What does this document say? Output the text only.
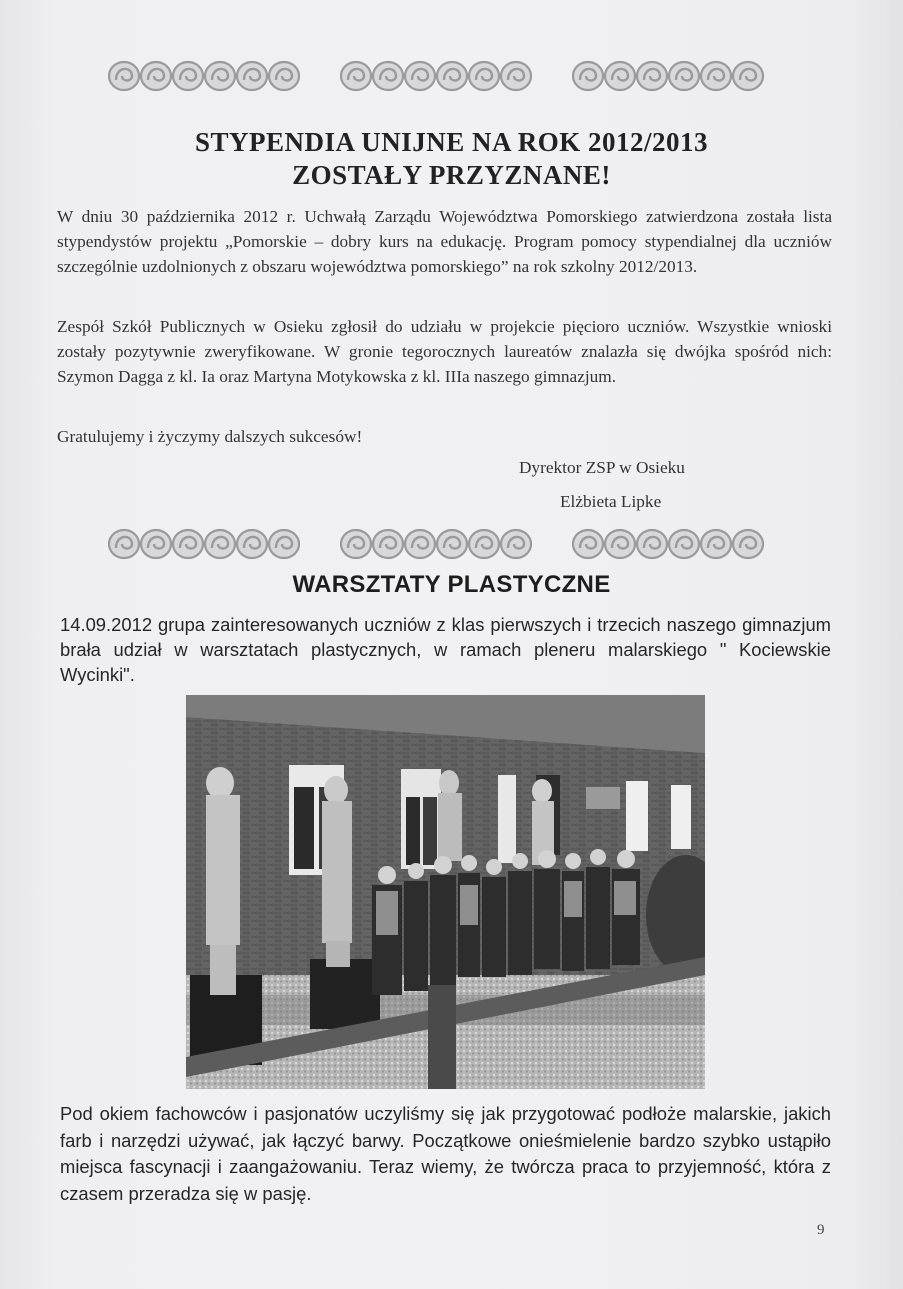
STYPENDIA UNIJNE NA ROK 2012/2013
ZOSTAŁY PRZYZNANE!
W dniu 30 października 2012 r. Uchwałą Zarządu Województwa Pomorskiego zatwierdzona została lista stypendystów projektu „Pomorskie – dobry kurs na edukację. Program pomocy stypendialnej dla uczniów szczególnie uzdolnionych z obszaru województwa pomorskiego” na rok szkolny 2012/2013.
Zespół Szkół Publicznych w Osieku zgłosił do udziału w projekcie pięcioro uczniów. Wszystkie wnioski zostały pozytywnie zweryfikowane. W gronie tegorocznych laureatów znalazła się dwójka spośród nich: Szymon Dagga z kl. Ia oraz Martyna Motykowska z kl. IIIa naszego gimnazjum.
Gratulujemy i życzymy dalszych sukcesów!
Dyrektor ZSP w Osieku
Elżbieta Lipke
WARSZTATY PLASTYCZNE
14.09.2012 grupa zainteresowanych uczniów z klas pierwszych i trzecich naszego gimnazjum brała udział w warsztatach plastycznych, w ramach pleneru malarskiego " Kociewskie Wycinki".
Pod okiem fachowców i pasjonatów uczyliśmy się jak przygotować podłoże malarskie, jakich farb i narzędzi używać, jak łączyć barwy. Początkowe onieśmielenie bardzo szybko ustąpiło miejsca fascynacji i zaangażowaniu. Teraz wiemy, że twórcza praca to przyjemność, która z czasem przeradza się w pasję.
9
